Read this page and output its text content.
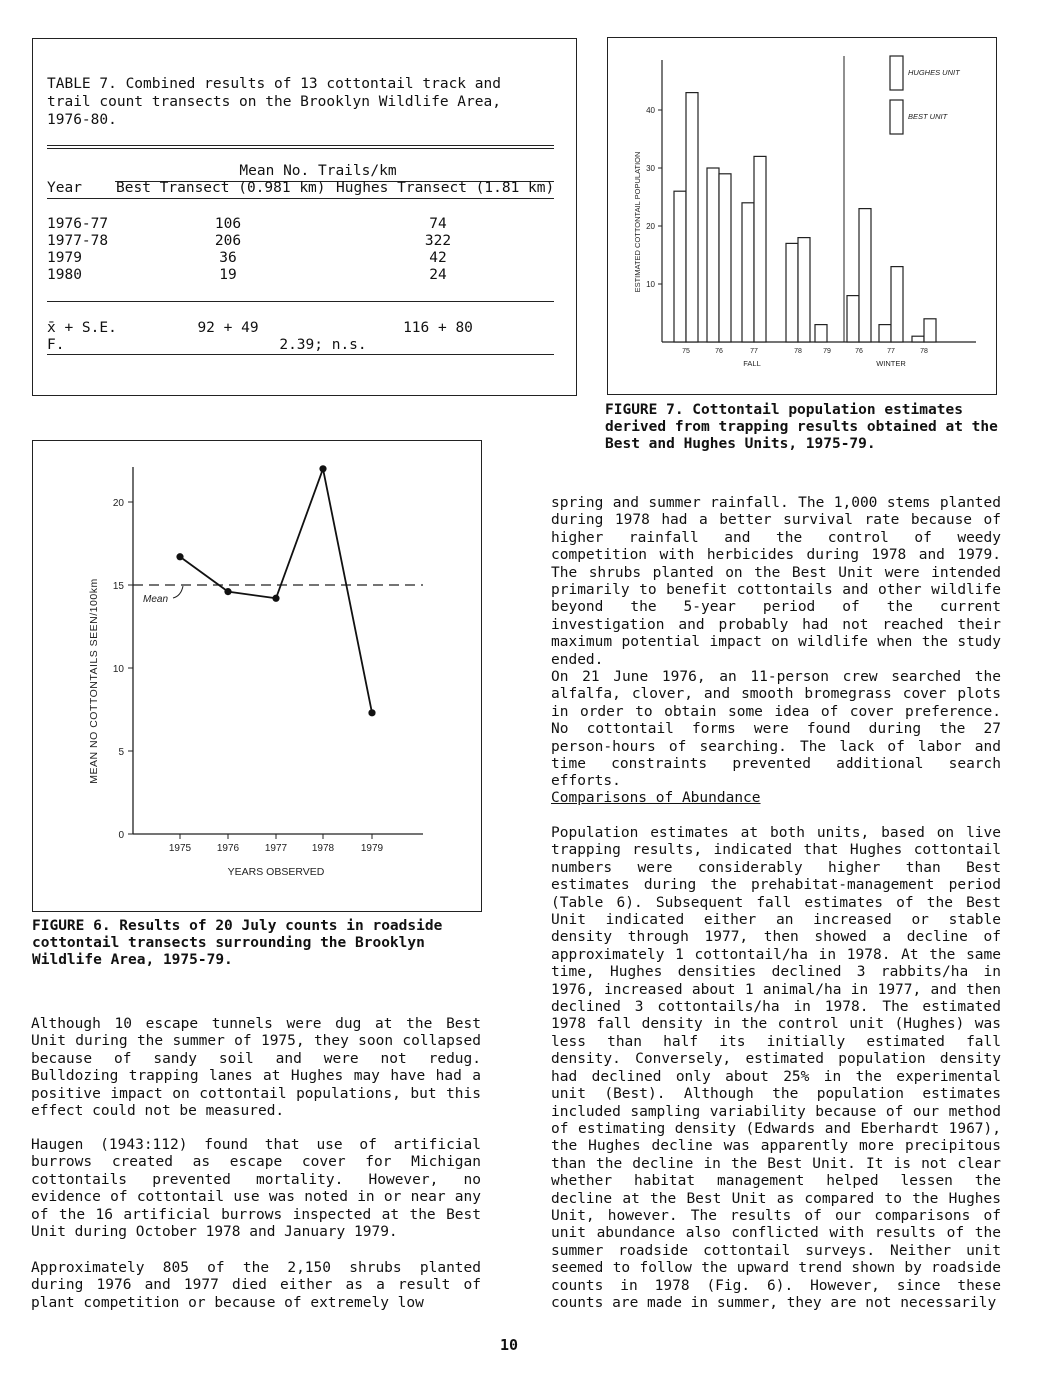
TABLE 7. Combined results of 13 cottontail track and trail count transects on the Brooklyn Wildlife Area, 1976-80.
Mean No. Trails/km
Year Best Transect (0.981 km) Hughes Transect (1.81 km)
1976-77	106	74
1977-78	206	322
1979	36	42
1980	19	24
x̄ + S.E.	92 + 49	116 + 80
F.	2.39; n.s.
10
20
30
40
ESTIMATED COTTONTAIL POPULATION
75	76	77	78	79	76	77	78
FALL	WINTER
HUGHES UNIT
BEST UNIT
FIGURE 7. Cottontail population estimates derived from trapping results obtained at the Best and Hughes Units, 1975-79.
0
5
10
15
20
MEAN NO COTTONTAILS SEEN/100km
1975	1976	1977 1978	1979
YEARS OBSERVED
Mean
FIGURE 6. Results of 20 July counts in roadside cottontail transects surrounding the Brooklyn Wildlife Area, 1975-79.
Although 10 escape tunnels were dug at the Best Unit during the summer of 1975, they soon collapsed because of sandy soil and were not redug. Bulldozing trapping lanes at Hughes may have had a positive impact on cottontail populations, but this effect could not be measured.
Haugen (1943:112) found that use of artificial burrows created as escape cover for Michigan cottontails prevented mortality. However, no evidence of cottontail use was noted in or near any of the 16 artificial burrows inspected at the Best Unit during October 1978 and January 1979.
Approximately 805 of the 2,150 shrubs planted during 1976 and 1977 died either as a result of plant competition or because of extremely low
spring and summer rainfall. The 1,000 stems planted during 1978 had a better survival rate because of higher rainfall and the control of weedy competition with herbicides during 1978 and 1979. The shrubs planted on the Best Unit were intended primarily to benefit cottontails and other wildlife beyond the 5-year period of the current investigation and probably had not reached their maximum potential impact on wildlife when the study ended.
On 21 June 1976, an 11-person crew searched the alfalfa, clover, and smooth bromegrass cover plots in order to obtain some idea of cover preference. No cottontail forms were found during the 27 person-hours of searching. The lack of labor and time constraints prevented additional search efforts.
Comparisons of Abundance
Population estimates at both units, based on live trapping results, indicated that Hughes cottontail numbers were considerably higher than Best estimates during the prehabitat-management period (Table 6). Subsequent fall estimates of the Best Unit indicated either an increased or stable density through 1977, then showed a decline of approximately 1 cottontail/ha in 1978. At the same time, Hughes densities declined 3 rabbits/ha in 1976, increased about 1 animal/ha in 1977, and then declined 3 cottontails/ha in 1978. The estimated 1978 fall density in the control unit (Hughes) was less than half its initially estimated fall density. Conversely, estimated population density had declined only about 25% in the experimental unit (Best). Although the population estimates included sampling variability because of our method of estimating density (Edwards and Eberhardt 1967), the Hughes decline was apparently more precipitous than the decline in the Best Unit. It is not clear whether habitat management helped lessen the decline at the Best Unit as compared to the Hughes Unit, however. The results of our comparisons of unit abundance also conflicted with results of the summer roadside cottontail surveys. Neither unit seemed to follow the upward trend shown by roadside counts in 1978 (Fig. 6). However, since these counts are made in summer, they are not necessarily
10
